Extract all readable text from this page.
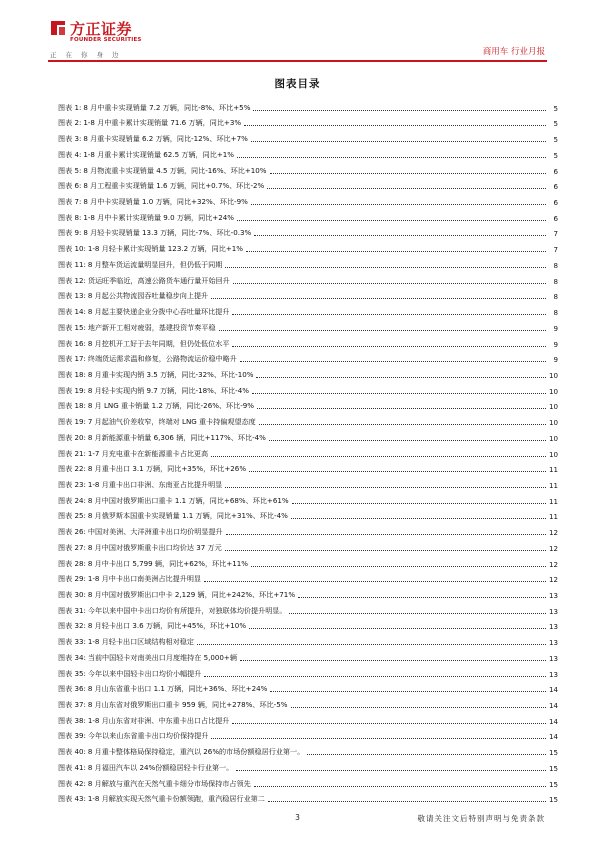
方正证券
FOUNDER SECURITIES
正在你身边	商用车 行业月报
图表目录
图表 1: 8 月中重卡实现销量 7.2 万辆，同比-8%、环比+5%	5
图表 2: 1-8 月中重卡累计实现销量 71.6 万辆，同比+3%	5
图表 3: 8 月重卡实现销量 6.2 万辆，同比-12%、环比+7%	5
图表 4: 1-8 月重卡累计实现销量 62.5 万辆，同比+1%	5
图表 5: 8 月物流重卡实现销量 4.5 万辆，同比-16%、环比+10%	6
图表 6: 8 月工程重卡实现销量 1.6 万辆，同比+0.7%、环比-2%	6
图表 7: 8 月中卡实现销量 1.0 万辆，同比+32%、环比-9%	6
图表 8: 1-8 月中卡累计实现销量 9.0 万辆，同比+24%	6
图表 9: 8 月轻卡实现销量 13.3 万辆，同比-7%、环比-0.3%	7
图表 10: 1-8 月轻卡累计实现销量 123.2 万辆，同比+1%	7
图表 11: 8 月整车货运流量明显回升，但仍低于同期	8
图表 12: 货运旺季临近，高速公路货车通行量开始回升	8
图表 13: 8 月起公共物流园吞吐量稳步向上提升	8
图表 14: 8 月起主要快递企业分拨中心吞吐量环比提升	8
图表 15: 地产新开工相对疲弱，基建投资节奏平稳	9
图表 16: 8 月挖机开工好于去年同期，但仍处低位水平	9
图表 17: 终端货运需求温和修复，公路物流运价稳中略升	9
图表 18: 8 月重卡实现内销 3.5 万辆，同比-32%、环比-10%	10
图表 19: 8 月轻卡实现内销 9.7 万辆，同比-18%、环比-4%	10
图表 18: 8 月 LNG 重卡销量 1.2 万辆，同比-26%、环比-9%	10
图表 19: 7 月起油气价差收窄，终端对 LNG 重卡持偏观望态度	10
图表 20: 8 月新能源重卡销量 6,306 辆，同比+117%、环比-4%	10
图表 21: 1-7 月充电重卡在新能源重卡占比更高	10
图表 22: 8 月重卡出口 3.1 万辆，同比+35%，环比+26%	11
图表 23: 1-8 月重卡出口非洲、东南亚占比提升明显	11
图表 24: 8 月中国对俄罗斯出口重卡 1.1 万辆，同比+68%、环比+61%	11
图表 25: 8 月俄罗斯本国重卡实现销量 1.1 万辆，同比+31%、环比-4%	11
图表 26: 中国对美洲、大洋洲重卡出口均价明显提升	12
图表 27: 8 月中国对俄罗斯重卡出口均价达 37 万元	12
图表 28: 8 月中卡出口 5,799 辆，同比+62%，环比+11%	12
图表 29: 1-8 月中卡出口南美洲占比提升明显	12
图表 30: 8 月中国对俄罗斯出口中卡 2,129 辆，同比+242%、环比+71%	13
图表 31: 今年以来中国中卡出口均价有所提升，对独联体均价提升明显。	13
图表 32: 8 月轻卡出口 3.6 万辆，同比+45%，环比+10%	13
图表 33: 1-8 月轻卡出口区域结构相对稳定	13
图表 34: 当前中国轻卡对南美出口月度维持在 5,000+辆	13
图表 35: 今年以来中国轻卡出口均价小幅提升	13
图表 36: 8 月山东省重卡出口 1.1 万辆，同比+36%、环比+24%	14
图表 37: 8 月山东省对俄罗斯出口重卡 959 辆，同比+278%、环比-5%	14
图表 38: 1-8 月山东省对非洲、中东重卡出口占比提升	14
图表 39: 今年以来山东省重卡出口均价保持提升	14
图表 40: 8 月重卡整体格局保持稳定，重汽以 26%的市场份额稳居行业第一。	15
图表 41: 8 月福田汽车以 24%份额稳居轻卡行业第一。	15
图表 42: 8 月解放与重汽在天然气重卡细分市场保持市占领先	15
图表 43: 1-8 月解放实现天然气重卡份额领跑，重汽稳居行业第二	15
3	敬请关注文后特别声明与免责条款
